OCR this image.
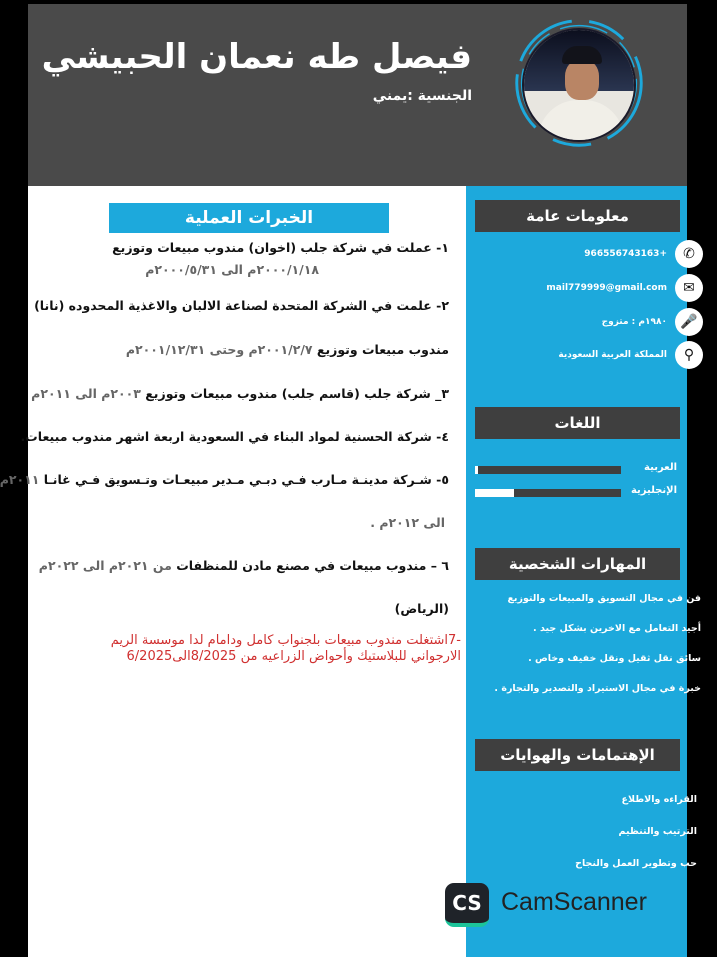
فيصل طه نعمان الحبيشي
الجنسية :يمني
معلومات عامة
✆
+966556743163
✉
mail779999@gmail.com
🎤
١٩٨٠م : متزوج
⚲
المملكة العربية السعودية
اللغات
العربية
الإنجليزية
المهارات الشخصية
فن في مجال التسويق والمبيعات والتوزيع
أجيد التعامل مع الاخرين بشكل جيد .
سائق نقل ثقيل ونقل خفيف وخاص .
خبرة في مجال الاستيراد والتصدير والتجارة .
الإهتمامات والهوايات
القراءه والاطلاع
الترتيب والتنظيم
حب وتطوير العمل والنجاح
الخبرات العملية
١- عملت في شركة جلب (اخوان) مندوب مبيعات وتوزيع
٢٠٠٠/١/١٨م الى ٢٠٠٠/٥/٣١م
٢- علمت في الشركة المتحدة لصناعة الالبان والاغذية المحدوده (نانا)
مندوب مبيعات وتوزيع ٢٠٠١/٢/٧م وحتى ٢٠٠١/١٢/٣١م
٣_ شركة جلب (قاسم جلب) مندوب مبيعات وتوزيع ٢٠٠٣م الى ٢٠١١م
٤- شركة الحسنية لمواد البناء في السعودية اربعة اشهر مندوب مبيعات.
٥- شـركة مدينـة مـارب فـي دبـي مـدير مبيعـات وتـسويق فـي غانـا ٢٠١١م
الى ٢٠١٢م .
٦ – مندوب مبيعات في مصنع مادن للمنظفات من ٢٠٢١م الى ٢٠٢٢م
(الرياض)
-7اشتغلت مندوب مبيعات بلجنواب كامل ودامام لدا موسسة الريم الارجواني للبلاستيك وأحواض الزراعيه من 8/2025الى6/2025
CS CamScanner
